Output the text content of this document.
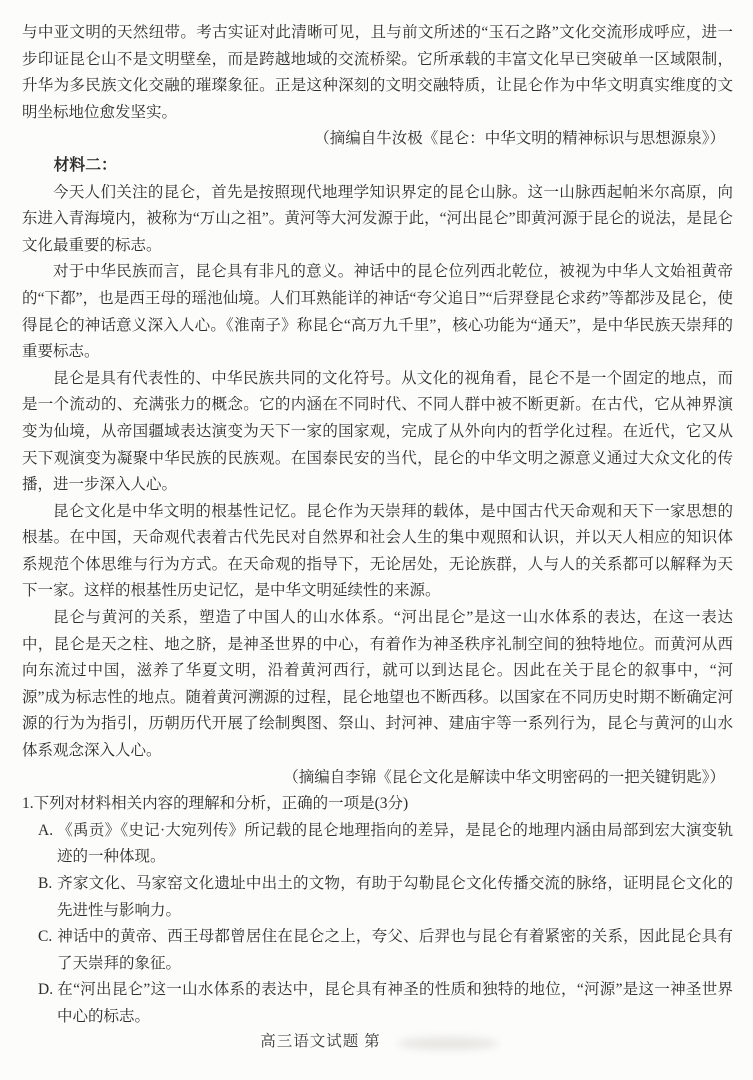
与中亚文明的天然纽带。考古实证对此清晰可见，且与前文所述的“玉石之路”文化交流形成呼应，进一步印证昆仑山不是文明壁垒，而是跨越地域的交流桥梁。它所承载的丰富文化早已突破单一区域限制，升华为多民族文化交融的璀璨象征。正是这种深刻的文明交融特质，让昆仑作为中华文明真实维度的文明坐标地位愈发坚实。

（摘编自牛汝极《昆仑：中华文明的精神标识与思想源泉》）

材料二：

今天人们关注的昆仑，首先是按照现代地理学知识界定的昆仑山脉。这一山脉西起帕米尔高原，向东进入青海境内，被称为“万山之祖”。黄河等大河发源于此，“河出昆仑”即黄河源于昆仑的说法，是昆仑文化最重要的标志。

对于中华民族而言，昆仑具有非凡的意义。神话中的昆仑位列西北乾位，被视为中华人文始祖黄帝的“下都”，也是西王母的瑶池仙境。人们耳熟能详的神话“夸父追日”“后羿登昆仑求药”等都涉及昆仑，使得昆仑的神话意义深入人心。《淮南子》称昆仑“高万九千里”，核心功能为“通天”，是中华民族天崇拜的重要标志。

昆仑是具有代表性的、中华民族共同的文化符号。从文化的视角看，昆仑不是一个固定的地点，而是一个流动的、充满张力的概念。它的内涵在不同时代、不同人群中被不断更新。在古代，它从神界演变为仙境，从帝国疆域表达演变为天下一家的国家观，完成了从外向内的哲学化过程。在近代，它又从天下观演变为凝聚中华民族的民族观。在国泰民安的当代，昆仑的中华文明之源意义通过大众文化的传播，进一步深入人心。

昆仑文化是中华文明的根基性记忆。昆仑作为天崇拜的载体，是中国古代天命观和天下一家思想的根基。在中国，天命观代表着古代先民对自然界和社会人生的集中观照和认识，并以天人相应的知识体系规范个体思维与行为方式。在天命观的指导下，无论居处，无论族群，人与人的关系都可以解释为天下一家。这样的根基性历史记忆，是中华文明延续性的来源。

昆仑与黄河的关系，塑造了中国人的山水体系。“河出昆仑”是这一山水体系的表达，在这一表达中，昆仑是天之柱、地之脐，是神圣世界的中心，有着作为神圣秩序礼制空间的独特地位。而黄河从西向东流过中国，滋养了华夏文明，沿着黄河西行，就可以到达昆仑。因此在关于昆仑的叙事中，“河源”成为标志性的地点。随着黄河溯源的过程，昆仑地望也不断西移。以国家在不同历史时期不断确定河源的行为为指引，历朝历代开展了绘制舆图、祭山、封河神、建庙宇等一系列行为，昆仑与黄河的山水体系观念深入人心。

（摘编自李锦《昆仑文化是解读中华文明密码的一把关键钥匙》）

1.下列对材料相关内容的理解和分析，正确的一项是(3分)

A. 《禹贡》《史记·大宛列传》所记载的昆仑地理指向的差异，是昆仑的地理内涵由局部到宏大演变轨迹的一种体现。
B. 齐家文化、马家窑文化遗址中出土的文物，有助于勾勒昆仑文化传播交流的脉络，证明昆仑文化的先进性与影响力。
C. 神话中的黄帝、西王母都曾居住在昆仑之上，夸父、后羿也与昆仑有着紧密的关系，因此昆仑具有了天崇拜的象征。
D. 在“河出昆仑”这一山水体系的表达中，昆仑具有神圣的性质和独特的地位，“河源”是这一神圣世界中心的标志。
高三语文试题 第
